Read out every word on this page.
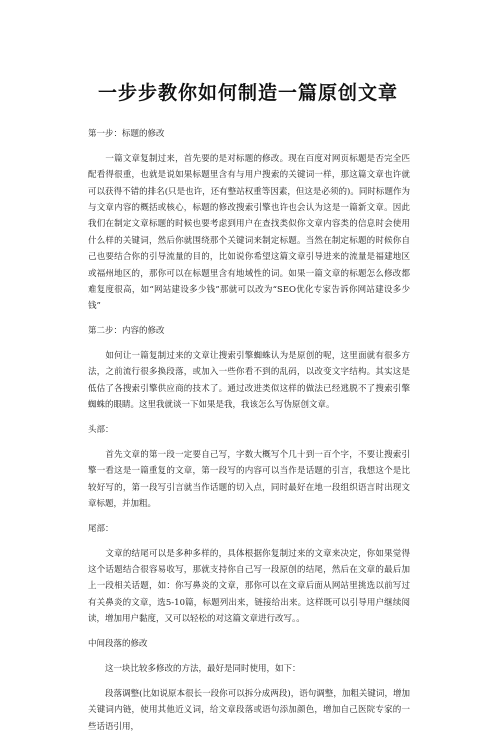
一步步教你如何制造一篇原创文章

第一步：标题的修改

　　一篇文章复制过来，首先要的是对标题的修改。现在百度对网页标题是否完全匹配看得很重，也就是说如果标题里含有与用户搜索的关键词一样，那这篇文章也许就可以获得不错的排名(只是也许，还有整站权重等因素，但这是必须的)。同时标题作为与文章内容的概括或核心，标题的修改搜索引擎也许也会认为这是一篇新文章。因此我们在制定文章标题的时候也要考虑到用户在查找类似你文章内容类的信息时会使用什么样的关键词，然后你就围绕那个关键词来制定标题。当然在制定标题的时候你自己也要结合你的引导流量的目的，比如说你希望这篇文章引导进来的流量是福建地区或福州地区的，那你可以在标题里含有地域性的词。如果一篇文章的标题怎么修改都难复度很高，如“网站建设多少钱”那就可以改为“SEO优化专家告诉你网站建设多少钱”

第二步：内容的修改

　　如何让一篇复制过来的文章让搜索引擎蜘蛛认为是原创的呢，这里面就有很多方法，之前流行很多换段落，或加入一些你看不到的乱码，以改变文字结构。其实这是低估了各搜索引擎供应商的技术了。通过改进类似这样的做法已经逃脱不了搜索引擎蜘蛛的眼睛。这里我就谈一下如果是我，我该怎么写伪原创文章。

头部：

　　首先文章的第一段一定要自己写，字数大概写个几十到一百个字，不要让搜索引擎一看这是一篇重复的文章，第一段写的内容可以当作是话题的引言，我想这个是比较好写的，第一段写引言就当作话题的切入点，同时最好在地一段组织语言时出现文章标题，并加粗。

尾部：

　　文章的结尾可以是多种多样的，具体根据你复制过来的文章来决定，你如果觉得这个话题结合很容易收写，那就支持你自己写一段原创的结尾，然后在文章的最后加上一段相关话题，如：你写鼻炎的文章，那你可以在文章后面从网站里挑选以前写过有关鼻炎的文章，选5-10篇，标题列出来，链接给出来。这样既可以引导用户继续阅读，增加用户黏度，又可以轻松的对这篇文章进行改写。。

中间段落的修改

　　这一块比较多修改的方法，最好是同时使用，如下：

　　段落调整(比如说原本很长一段你可以拆分成两段)，语句调整，加粗关键词，增加关键词内链，使用其他近义词，给文章段落或语句添加颜色，增加自己医院专家的一些话语引用，
